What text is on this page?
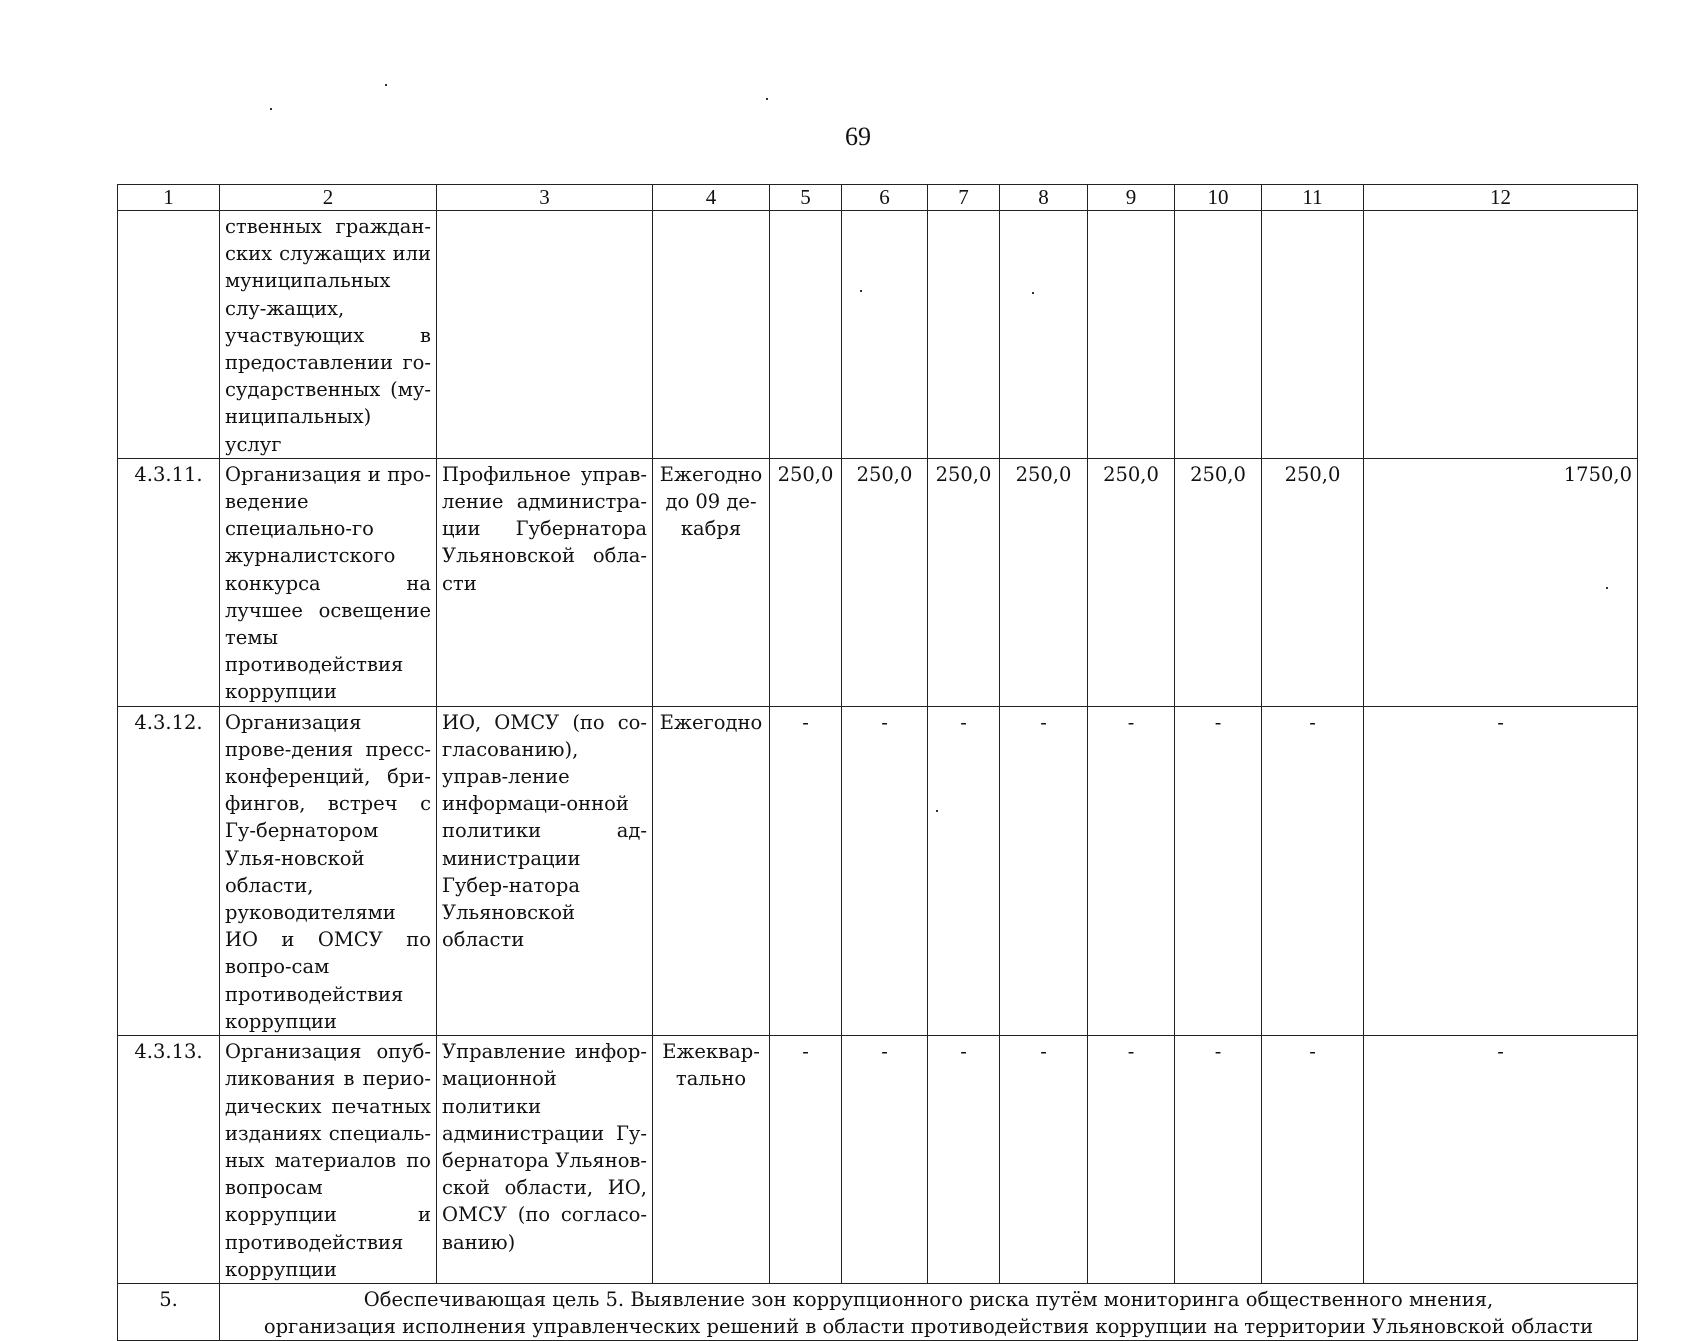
69
1	2	3	4	5	6	7	8	9	10	11	12
	ственных граждан-ских служащих или муниципальных слу-жащих, участвующих в предоставлении го-сударственных (му-ниципальных) услуг										
4.3.11.	Организация и про-ведение специально-го журналистского конкурса на лучшее освещение темы противодействия коррупции	Профильное управ-ление администра-ции Губернатора Ульяновской обла-сти	Ежегодно до 09 де-кабря	250,0	250,0	250,0	250,0	250,0	250,0	250,0	1750,0
4.3.12.	Организация прове-дения пресс-конференций, бри-фингов, встреч с Гу-бернатором Улья-новской области, руководителями ИО и ОМСУ по вопро-сам противодействия коррупции	ИО, ОМСУ (по со-гласованию), управ-ление информаци-онной политики ад-министрации Губер-натора Ульяновской области	Ежегодно	-	-	-	-	-	-	-	-
4.3.13.	Организация опуб-ликования в перио-дических печатных изданиях специаль-ных материалов по вопросам коррупции и противодействия коррупции	Управление инфор-мационной политики администрации Гу-бернатора Ульянов-ской области, ИО, ОМСУ (по согласо-ванию)	Ежеквар-тально	-	-	-	-	-	-	-	-
5.	Обеспечивающая цель 5. Выявление зон коррупционного риска путём мониторинга общественного мнения,
организация исполнения управленческих решений в области противодействия коррупции на территории Ульяновской области										
